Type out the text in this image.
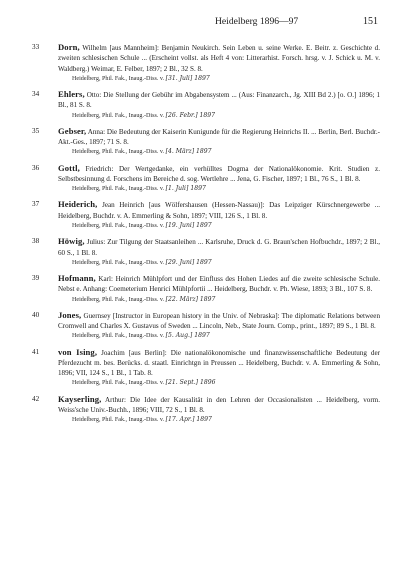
Heidelberg 1896—97	151
33 Dorn, Wilhelm [aus Mannheim]: Benjamin Neukirch. Sein Leben u. seine Werke. E. Beitr. z. Geschichte d. zweiten schlesischen Schule ... (Erscheint vollst. als Heft 4 von: Litterarhist. Forsch. hrsg. v. J. Schick u. M. v. Waldberg.) Weimar, E. Felber, 1897; 2 Bl., 32 S. 8.
Heidelberg, Phil. Fak., Inaug.-Diss. v. [31. Juli] 1897
34 Ehlers, Otto: Die Stellung der Gebühr im Abgabensystem ... (Aus: Finanzarch., Jg. XIII Bd 2.) [o. O.] 1896; 1 Bl., 81 S. 8.
Heidelberg, Phil. Fak., Inaug.-Diss. v. [26. Febr.] 1897
35 Gebser, Anna: Die Bedeutung der Kaiserin Kunigunde für die Regierung Heinrichs II. ... Berlin, Berl. Buchdr.-Akt.-Ges., 1897; 71 S. 8.
Heidelberg, Phil. Fak., Inaug.-Diss. v. [4. März] 1897
36 Gottl, Friedrich: Der Wertgedanke, ein verhülltes Dogma der Nationalökonomie. Krit. Studien z. Selbstbesinnung d. Forschens im Bereiche d. sog. Wertlehre ... Jena, G. Fischer, 1897; 1 Bl., 76 S., 1 Bl. 8.
Heidelberg, Phil. Fak., Inaug.-Diss. v. [1. Juli] 1897
37 Heiderich, Jean Heinrich [aus Wölfershausen (Hessen-Nassau)]: Das Leipziger Kürschnergewerbe ... Heidelberg, Buchdr. v. A. Emmerling & Sohn, 1897; VIII, 126 S., 1 Bl. 8.
Heidelberg, Phil. Fak., Inaug.-Diss. v. [19. Juni] 1897
38 Höwig, Julius: Zur Tilgung der Staatsanleihen ... Karlsruhe, Druck d. G. Braun'schen Hofbuchdr., 1897; 2 Bl., 60 S., 1 Bl. 8.
Heidelberg, Phil. Fak., Inaug.-Diss. v. [29. Juni] 1897
39 Hofmann, Karl: Heinrich Mühlpfort und der Einfluss des Hohen Liedes auf die zweite schlesische Schule. Nebst e. Anhang: Coemeterium Henrici Mühlpfortii ... Heidelberg, Buchdr. v. Ph. Wiese, 1893; 3 Bl., 107 S. 8.
Heidelberg, Phil. Fak., Inaug.-Diss. v. [22. März] 1897
40 Jones, Guernsey [Instructor in European history in the Univ. of Nebraska]: The diplomatic Relations between Cromwell and Charles X. Gustavus of Sweden ... Lincoln, Neb., State Journ. Comp., print., 1897; 89 S., 1 Bl. 8.
Heidelberg, Phil. Fak., Inaug.-Diss. v. [5. Aug.] 1897
41 von Ising, Joachim [aus Berlin]: Die nationalökonomische und finanzwissenschaftliche Bedeutung der Pferdezucht m. bes. Berücks. d. staatl. Einrichtgn in Preussen ... Heidelberg, Buchdr. v. A. Emmerling & Sohn, 1896; VII, 124 S., 1 Bl., 1 Tab. 8.
Heidelberg, Phil. Fak., Inaug.-Diss. v. [21. Sept.] 1896
42 Kayserling, Arthur: Die Idee der Kausalität in den Lehren der Occasionalisten ... Heidelberg, vorm. Weiss'sche Univ.-Buchh., 1896; VIII, 72 S., 1 Bl. 8.
Heidelberg, Phil. Fak., Inaug.-Diss. v. [17. Apr.] 1897
